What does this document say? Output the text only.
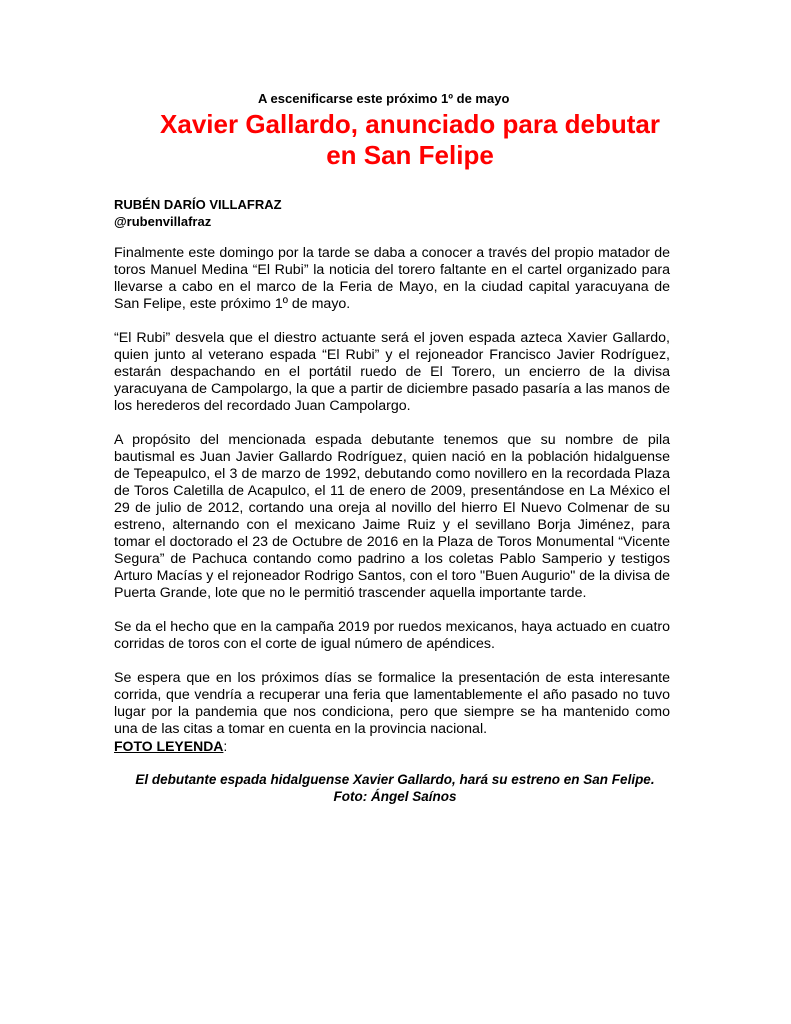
A escenificarse este próximo 1º de mayo
Xavier Gallardo, anunciado para debutar
en San Felipe
RUBÉN DARÍO VILLAFRAZ
@rubenvillafraz

Finalmente este domingo por la tarde se daba a conocer a través del propio matador de toros Manuel Medina “El Rubi” la noticia del torero faltante en el cartel organizado para llevarse a cabo en el marco de la Feria de Mayo, en la ciudad capital yaracuyana de San Felipe, este próximo 1º de mayo.

“El Rubi” desvela que el diestro actuante será el joven espada azteca Xavier Gallardo, quien junto al veterano espada “El Rubi” y el rejoneador Francisco Javier Rodríguez, estarán despachando en el portátil ruedo de El Torero, un encierro de la divisa yaracuyana de Campolargo, la que a partir de diciembre pasado pasaría a las manos de los herederos del recordado Juan Campolargo.

A propósito del mencionada espada debutante tenemos que su nombre de pila bautismal es Juan Javier Gallardo Rodríguez, quien nació en la población hidalguense de Tepeapulco, el 3 de marzo de 1992, debutando como novillero en la recordada Plaza de Toros Caletilla de Acapulco, el 11 de enero de 2009, presentándose en La México el 29 de julio de 2012, cortando una oreja al novillo del hierro El Nuevo Colmenar de su estreno, alternando con el mexicano Jaime Ruiz y el sevillano Borja Jiménez, para tomar el doctorado el 23 de Octubre de 2016 en la Plaza de Toros Monumental “Vicente Segura” de Pachuca contando como padrino a los coletas Pablo Samperio y testigos Arturo Macías y el rejoneador Rodrigo Santos, con el toro "Buen Augurio" de la divisa de Puerta Grande, lote que no le permitió trascender aquella importante tarde.

Se da el hecho que en la campaña 2019 por ruedos mexicanos, haya actuado en cuatro corridas de toros con el corte de igual número de apéndices.

Se espera que en los próximos días se formalice la presentación de esta interesante corrida, que vendría a recuperar una feria que lamentablemente el año pasado no tuvo lugar por la pandemia que nos condiciona, pero que siempre se ha mantenido como una de las citas a tomar en cuenta en la provincia nacional.

FOTO LEYENDA:
El debutante espada hidalguense Xavier Gallardo, hará su estreno en San Felipe.
Foto: Ángel Saínos
